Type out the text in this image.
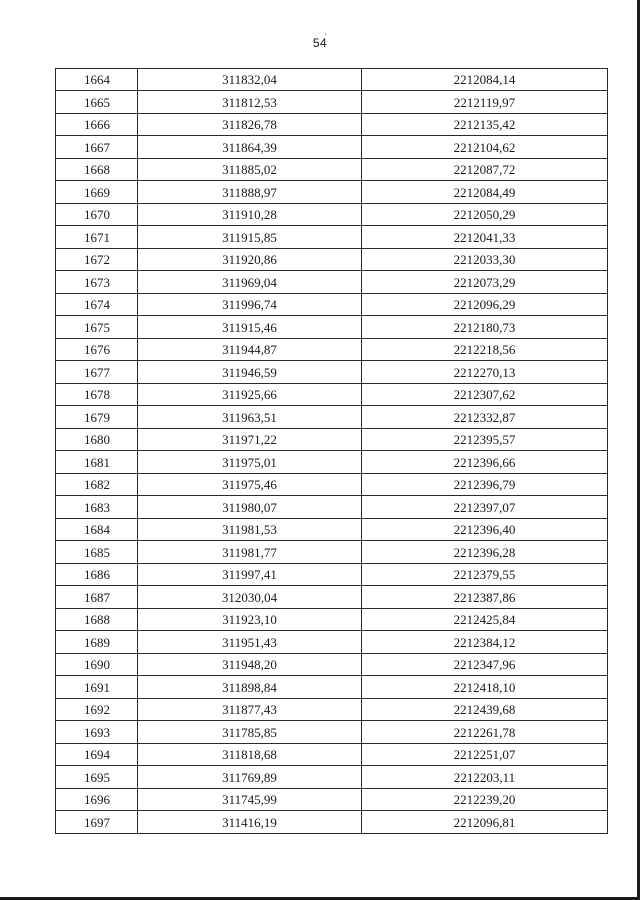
· 54
1664	311832,04	2212084,14
1665	311812,53	2212119,97
1666	311826,78	2212135,42
1667	311864,39	2212104,62
1668	311885,02	2212087,72
1669	311888,97	2212084,49
1670	311910,28	2212050,29
1671	311915,85	2212041,33
1672	311920,86	2212033,30
1673	311969,04	2212073,29
1674	311996,74	2212096,29
1675	311915,46	2212180,73
1676	311944,87	2212218,56
1677	311946,59	2212270,13
1678	311925,66	2212307,62
1679	311963,51	2212332,87
1680	311971,22	2212395,57
1681	311975,01	2212396,66
1682	311975,46	2212396,79
1683	311980,07	2212397,07
1684	311981,53	2212396,40
1685	311981,77	2212396,28
1686	311997,41	2212379,55
1687	312030,04	2212387,86
1688	311923,10	2212425,84
1689	311951,43	2212384,12
1690	311948,20	2212347,96
1691	311898,84	2212418,10
1692	311877,43	2212439,68
1693	311785,85	2212261,78
1694	311818,68	2212251,07
1695	311769,89	2212203,11
1696	311745,99	2212239,20
1697	311416,19	2212096,81
